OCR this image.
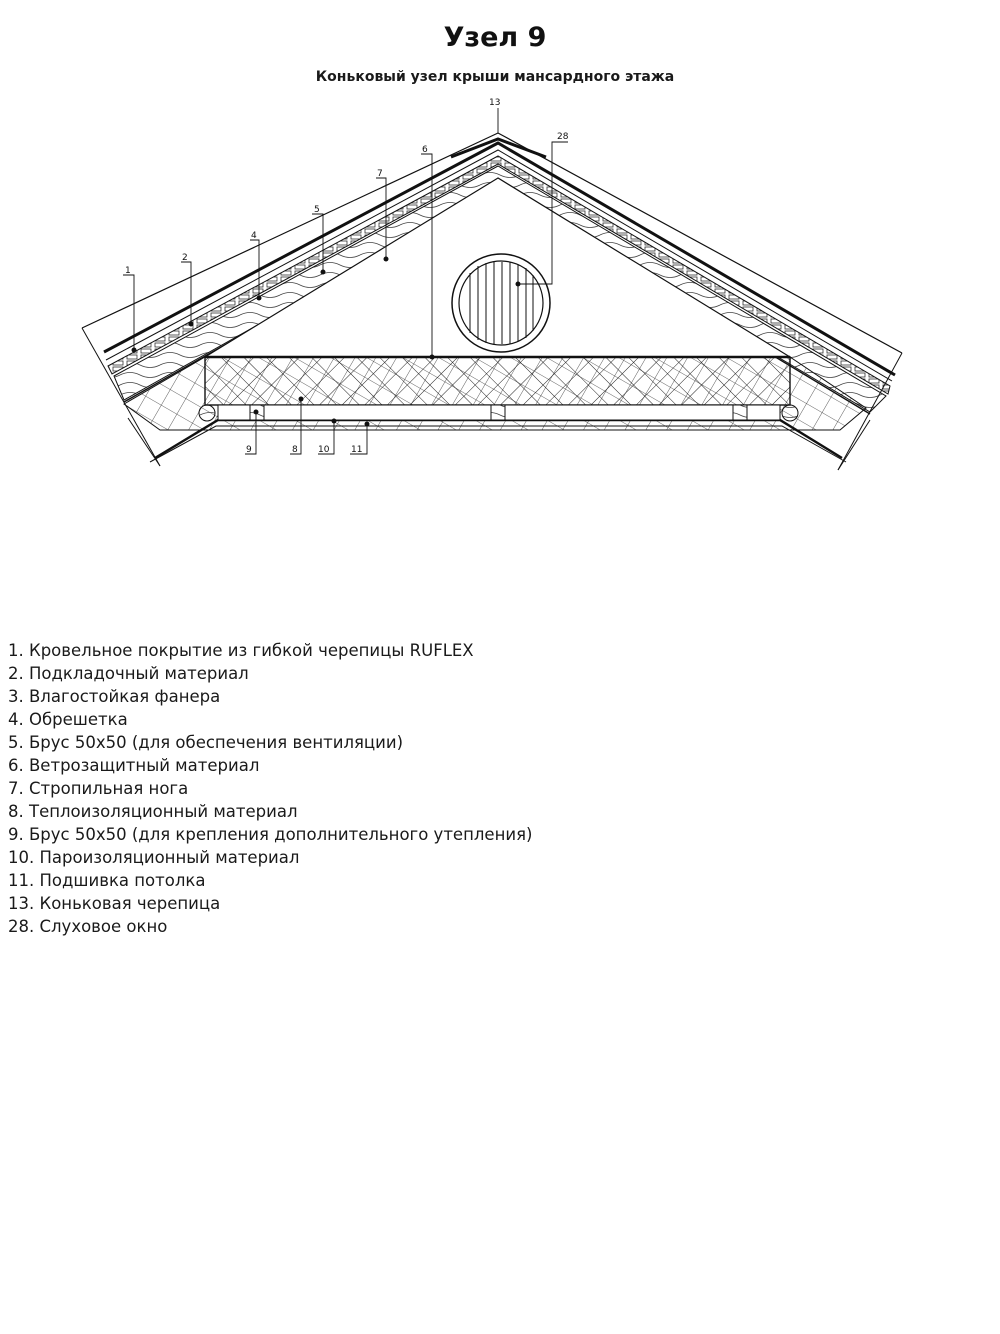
Узел 9
Коньковый узел крыши мансардного этажа
1
2
4
5
7
6
13
28
9	8 10 11
1. Кровельное покрытие из гибкой черепицы RUFLEX
2. Подкладочный материал
3. Влагостойкая фанера
4. Обрешетка
5. Брус 50х50 (для обеспечения вентиляции)
6. Ветрозащитный материал
7. Стропильная нога
8. Теплоизоляционный материал
9. Брус 50х50 (для крепления дополнительного утепления)
10. Пароизоляционный материал
11. Подшивка потолка
13. Коньковая черепица
28. Слуховое окно
